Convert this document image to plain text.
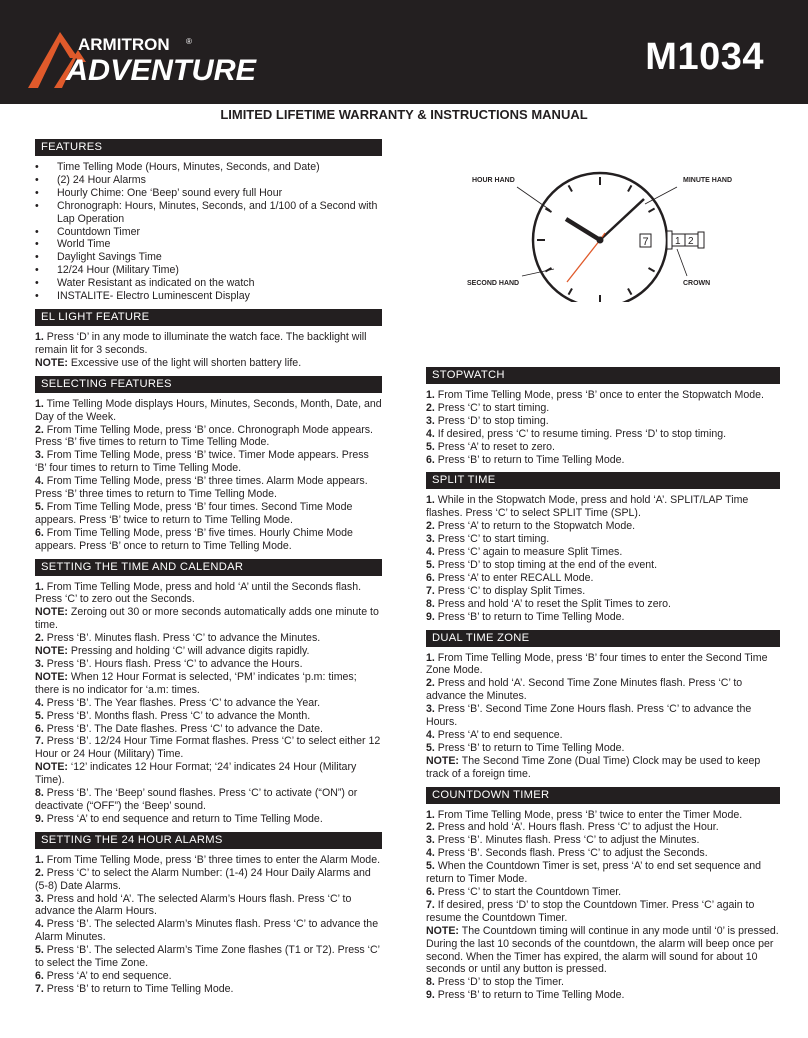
ARMITRON ®
ADVENTURE	M1034
LIMITED LIFETIME WARRANTY & INSTRUCTIONS MANUAL
7	1 2
HOUR HAND	MINUTE HAND
SECOND HAND	CROWN
FEATURES
• Time Telling Mode (Hours, Minutes, Seconds, and Date)
• (2) 24 Hour Alarms
• Hourly Chime: One ‘Beep’ sound every full Hour
• Chronograph: Hours, Minutes, Seconds, and 1/100 of a Second with Lap Operation
• Countdown Timer
• World Time
• Daylight Savings Time
• 12/24 Hour (Military Time)
• Water Resistant as indicated on the watch
• INSTALITE- Electro Luminescent Display
EL LIGHT FEATURE

1. Press ‘D’ in any mode to illuminate the watch face. The backlight will remain lit for 3 seconds.

NOTE: Excessive use of the light will shorten battery life.

SELECTING FEATURES

1. Time Telling Mode displays Hours, Minutes, Seconds, Month, Date, and Day of the Week.

2. From Time Telling Mode, press ‘B’ once. Chronograph Mode appears. Press ‘B’ five times to return to Time Telling Mode.

3. From Time Telling Mode, press ‘B’ twice. Timer Mode appears. Press ‘B’ four times to return to Time Telling Mode.

4. From Time Telling Mode, press ‘B’ three times. Alarm Mode appears. Press ‘B’ three times to return to Time Telling Mode.

5. From Time Telling Mode, press ‘B’ four times. Second Time Mode appears. Press ‘B’ twice to return to Time Telling Mode.

6. From Time Telling Mode, press ‘B’ five times. Hourly Chime Mode appears. Press ‘B’ once to return to Time Telling Mode.

SETTING THE TIME AND CALENDAR

1. From Time Telling Mode, press and hold ‘A’ until the Seconds flash. Press ‘C’ to zero out the Seconds.

NOTE: Zeroing out 30 or more seconds automatically adds one minute to time.

2. Press ‘B’. Minutes flash. Press ‘C’ to advance the Minutes.

NOTE: Pressing and holding ‘C’ will advance digits rapidly.

3. Press ‘B’. Hours flash. Press ‘C’ to advance the Hours.

NOTE: When 12 Hour Format is selected, ‘PM’ indicates ‘p.m: times; there is no indicator for ‘a.m: times.

4. Press ‘B’. The Year flashes. Press ‘C’ to advance the Year.

5. Press ‘B’. Months flash. Press ‘C’ to advance the Month.

6. Press ‘B’. The Date flashes. Press ‘C’ to advance the Date.

7. Press ‘B’. 12/24 Hour Time Format flashes. Press ‘C’ to select either 12 Hour or 24 Hour (Military) Time.

NOTE: ‘12’ indicates 12 Hour Format; ‘24’ indicates 24 Hour (Military Time).

8. Press ‘B’. The ‘Beep’ sound flashes. Press ‘C’ to activate (“ON”) or deactivate (“OFF”) the ‘Beep’ sound.

9. Press ‘A’ to end sequence and return to Time Telling Mode.

SETTING THE 24 HOUR ALARMS

1. From Time Telling Mode, press ‘B’ three times to enter the Alarm Mode.

2. Press ‘C’ to select the Alarm Number: (1-4) 24 Hour Daily Alarms and (5-8) Date Alarms.

3. Press and hold ‘A’. The selected Alarm’s Hours flash. Press ‘C’ to advance the Alarm Hours.

4. Press ‘B’. The selected Alarm’s Minutes flash. Press ‘C’ to advance the Alarm Minutes.

5. Press ‘B’. The selected Alarm’s Time Zone flashes (T1 or T2). Press ‘C’ to select the Time Zone.

6. Press ‘A’ to end sequence.

7. Press ‘B’ to return to Time Telling Mode.

STOPWATCH

1. From Time Telling Mode, press ‘B’ once to enter the Stopwatch Mode.

2. Press ‘C’ to start timing.

3. Press ‘D’ to stop timing.

4. If desired, press ‘C’ to resume timing. Press ‘D’ to stop timing.

5. Press ‘A’ to reset to zero.

6. Press ‘B’ to return to Time Telling Mode.

SPLIT TIME

1. While in the Stopwatch Mode, press and hold ‘A’. SPLIT/LAP Time flashes. Press ‘C’ to select SPLIT Time (SPL).

2. Press ‘A’ to return to the Stopwatch Mode.

3. Press ‘C’ to start timing.

4. Press ‘C’ again to measure Split Times.

5. Press ‘D’ to stop timing at the end of the event.

6. Press ‘A’ to enter RECALL Mode.

7. Press ‘C’ to display Split Times.

8. Press and hold ‘A’ to reset the Split Times to zero.

9. Press ‘B’ to return to Time Telling Mode.

DUAL TIME ZONE

1. From Time Telling Mode, press ‘B’ four times to enter the Second Time Zone Mode.

2. Press and hold ‘A’. Second Time Zone Minutes flash. Press ‘C’ to advance the Minutes.

3. Press ‘B’. Second Time Zone Hours flash. Press ‘C’ to advance the Hours.

4. Press ‘A’ to end sequence.

5. Press ‘B’ to return to Time Telling Mode.

NOTE: The Second Time Zone (Dual Time) Clock may be used to keep track of a foreign time.

COUNTDOWN TIMER

1. From Time Telling Mode, press ‘B’ twice to enter the Timer Mode.

2. Press and hold ‘A’. Hours flash. Press ‘C’ to adjust the Hour.

3. Press ‘B’. Minutes flash. Press ‘C’ to adjust the Minutes.

4. Press ‘B’. Seconds flash. Press ‘C’ to adjust the Seconds.

5. When the Countdown Timer is set, press ‘A’ to end set sequence and return to Timer Mode.

6. Press ‘C’ to start the Countdown Timer.

7. If desired, press ‘D’ to stop the Countdown Timer. Press ‘C’ again to resume the Countdown Timer.

NOTE: The Countdown timing will continue in any mode until ‘0’ is pressed. During the last 10 seconds of the countdown, the alarm will beep once per second. When the Timer has expired, the alarm will sound for about 10 seconds or until any button is pressed.

8. Press ‘D’ to stop the Timer.

9. Press ‘B’ to return to Time Telling Mode.
